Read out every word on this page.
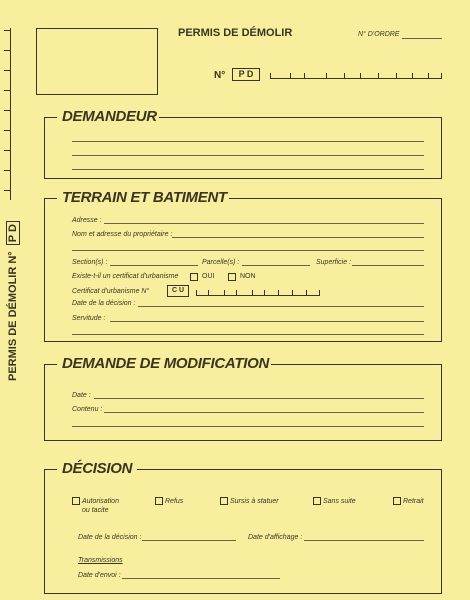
PERMIS DE DÉMOLIR N° P D
PERMIS DE DÉMOLIR	N° D'ORDRE
N°	P D
DEMANDEUR
TERRAIN ET BATIMENT
Adresse :
Nom et adresse du propriétaire :
Section(s) :	Parcelle(s) :	Superficie :
Existe-t-il un certificat d'urbanisme	OUI	NON
Certificat d'urbanisme N°	C U
Date de la décision :
Servitude :
DEMANDE DE MODIFICATION
Date :
Contenu :
DÉCISION
Autorisation
ou tacite
Refus	Sursis à statuer	Sans suite	Retrait
Date de la décision :	Date d'affichage :
Transmissions
Date d'envoi :
